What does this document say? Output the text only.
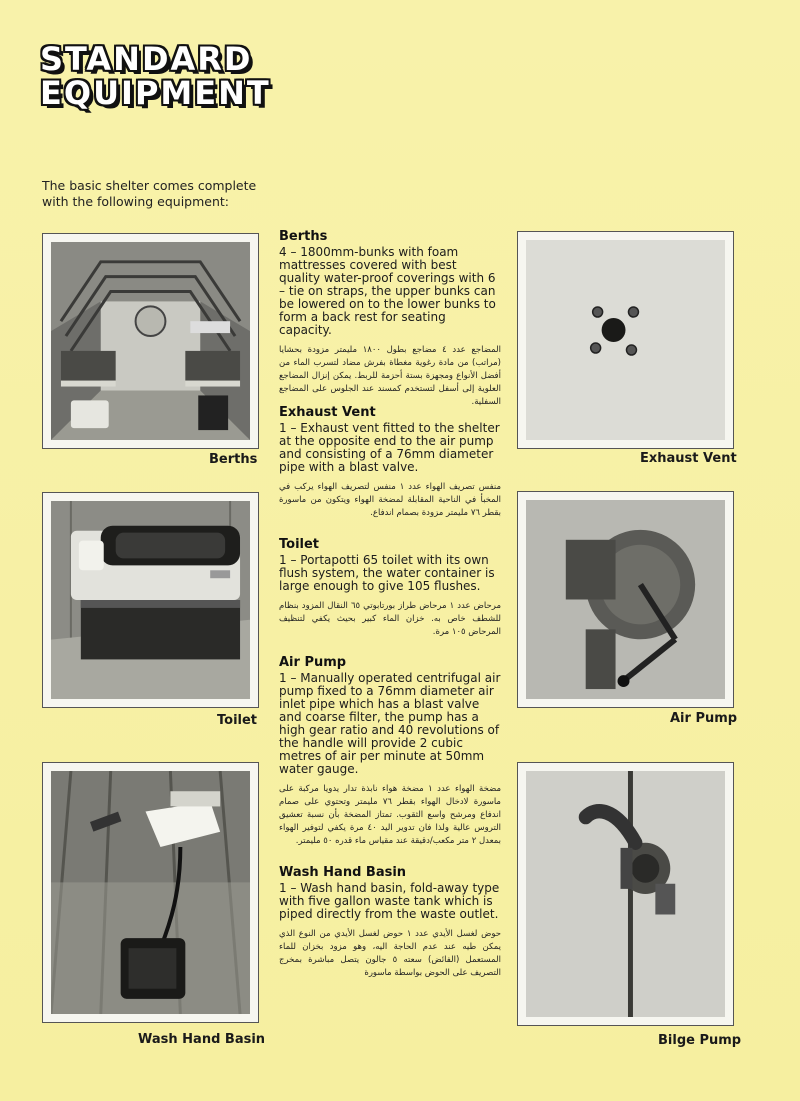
STANDARD
EQUIPMENT

The basic shelter comes complete with the following equipment:

Berths
Toilet
Wash Hand Basin
Exhaust Vent
Air Pump
Bilge Pump
Berths

4 – 1800mm-bunks with foam mattresses covered with best quality water-proof coverings with 6 – tie on straps, the upper bunks can be lowered on to the lower bunks to form a back rest for seating capacity.

المضاجع عدد ٤ مضاجع بطول ١٨٠٠ مليمتر مزودة بحشايا (مراتب) من مادة رغوية مغطاة بفرش مضاد لتسرب الماء من أفضل الأنواع ومجهزة بستة أحزمة للربط. يمكن إنزال المضاجع العلوية إلى أسفل لتستخدم كمسند عند الجلوس على المضاجع السفلية.

Exhaust Vent

1 – Exhaust vent fitted to the shelter at the opposite end to the air pump and consisting of a 76mm diameter pipe with a blast valve.

منفس تصريف الهواء عدد ١ منفس لتصريف الهواء يركب في المخبأ في الناحية المقابلة لمضخة الهواء ويتكون من ماسورة بقطر ٧٦ مليمتر مزودة بصمام اندفاع.

Toilet

1 – Portapotti 65 toilet with its own flush system, the water container is large enough to give 105 flushes.

مرحاض عدد ١ مرحاض طراز بورتابوتي ٦٥ النقال المزود بنظام للشطف خاص به. خزان الماء كبير بحيث يكفي لتنظيف المرحاض ١٠٥ مرة.

Air Pump

1 – Manually operated centrifugal air pump fixed to a 76mm diameter air inlet pipe which has a blast valve and coarse filter, the pump has a high gear ratio and 40 revolutions of the handle will provide 2 cubic metres of air per minute at 50mm water gauge.

مضخة الهواء عدد ١ مضخة هواء نابذة تدار يدويا مركبة على ماسورة لادخال الهواء بقطر ٧٦ مليمتر وتحتوي على صمام اندفاع ومرشح واسع الثقوب. تمتاز المضخة بأن نسبة تعشيق التروس عالية ولذا فان تدوير اليد ٤٠ مرة يكفي لتوفير الهواء بمعدل ٢ متر مكعب/دقيقة عند مقياس ماء قدره ٥٠ مليمتر.

Wash Hand Basin

1 – Wash hand basin, fold-away type with five gallon waste tank which is piped directly from the waste outlet.

حوض لغسل الأيدي عدد ١ حوض لغسل الأيدي من النوع الذي يمكن طيه عند عدم الحاجة اليه، وهو مزود بخزان للماء المستعمل (الفائض) سعته ٥ جالون يتصل مباشرة بمخرج التصريف على الحوض بواسطة ماسورة
